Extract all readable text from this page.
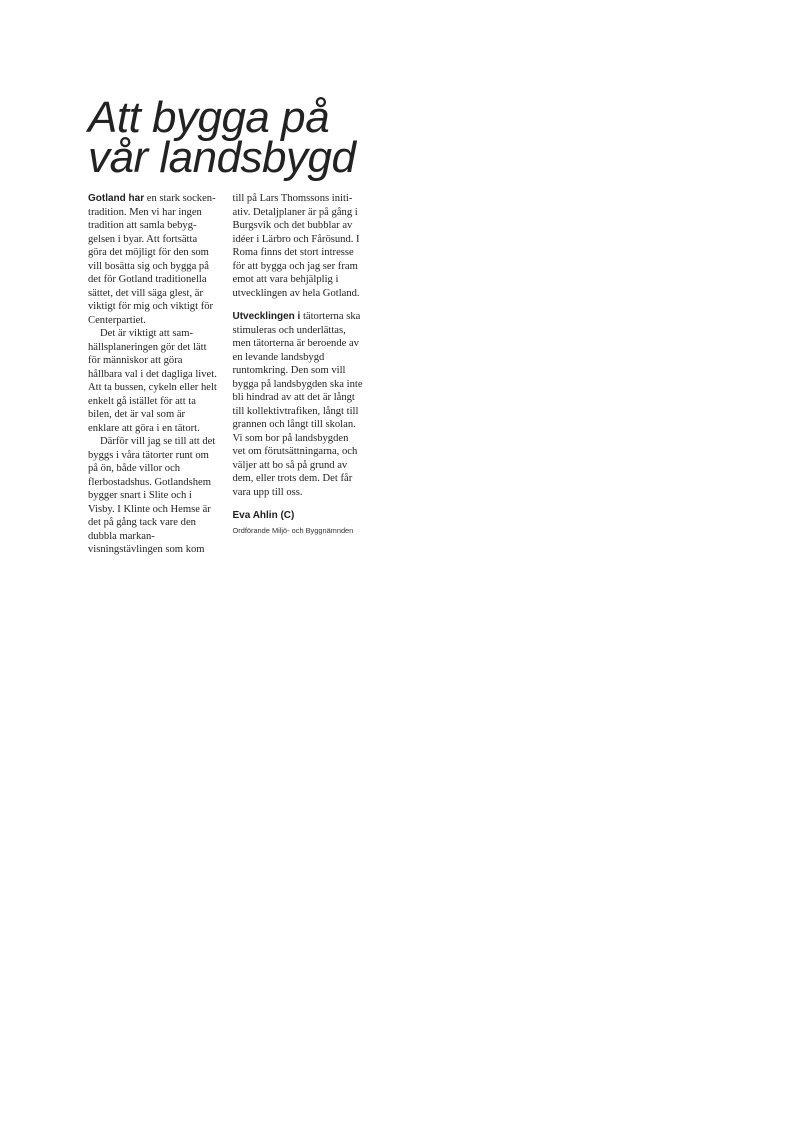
Att bygga på
vår landsbygd

Gotland har en stark sockentradition. Men vi har ingen tradition att samla bebyggelsen i byar. Att fortsätta göra det möjligt för den som vill bosätta sig och bygga på det för Gotland traditionella sättet, det vill säga glest, är viktigt för mig och viktigt för Centerpartiet.

Det är viktigt att samhällsplaneringen gör det lätt för människor att göra hållbara val i det dagliga livet. Att ta bussen, cykeln eller helt enkelt gå istället för att ta bilen, det är val som är enklare att göra i en tätort.

Därför vill jag se till att det byggs i våra tätorter runt om på ön, både villor och flerbostadshus. Gotlandshem bygger snart i Slite och i Visby. I Klinte och Hemse är det på gång tack vare den dubbla markanvisningstävlingen som kom

till på Lars Thomssons initiativ. Detaljplaner är på gång i Burgsvik och det bubblar av idéer i Lärbro och Fårösund. I Roma finns det stort intresse för att bygga och jag ser fram emot att vara behjälplig i utvecklingen av hela Gotland.

Utvecklingen i tätorterna ska stimuleras och underlättas, men tätorterna är beroende av en levande landsbygd runtomkring. Den som vill bygga på landsbygden ska inte bli hindrad av att det är långt till kollektivtrafiken, långt till grannen och långt till skolan. Vi som bor på landsbygden vet om förutsättningarna, och väljer att bo så på grund av dem, eller trots dem. Det får vara upp till oss.

Eva Ahlin (C)

Ordförande Miljö- och Byggnämnden
